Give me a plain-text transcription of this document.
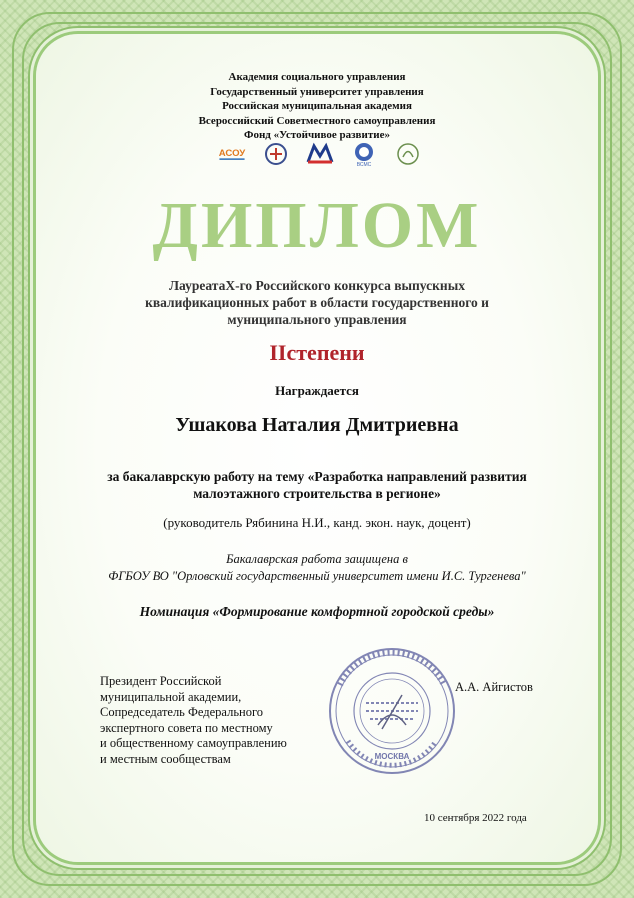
Академия социального управления
Государственный университет управления
Российская муниципальная академия
Всероссийский Советместного самоуправления
Фонд «Устойчивое развитие»
АСОУ
ВСМС
ДИПЛОМ
ЛауреатаX-го Российского конкурса выпускных
квалификационных работ в области государственного и
муниципального управления
IIстепени
Награждается
Ушакова Наталия Дмитриевна
за бакалаврскую работу на тему «Разработка направлений развития
малоэтажного строительства в регионе»
(руководитель Рябинина Н.И., канд. экон. наук, доцент)
Бакалаврская работа защищена в
ФГБОУ ВО "Орловский государственный университет имени И.С. Тургенева"
Номинация «Формирование комфортной городской среды»
Президент Российской
муниципальной академии,
Сопредседатель Федерального
экспертного совета по местному
и общественному самоуправлению
и местным сообществам	МОСКВА
А.А. Айгистов
10 сентября 2022 года
